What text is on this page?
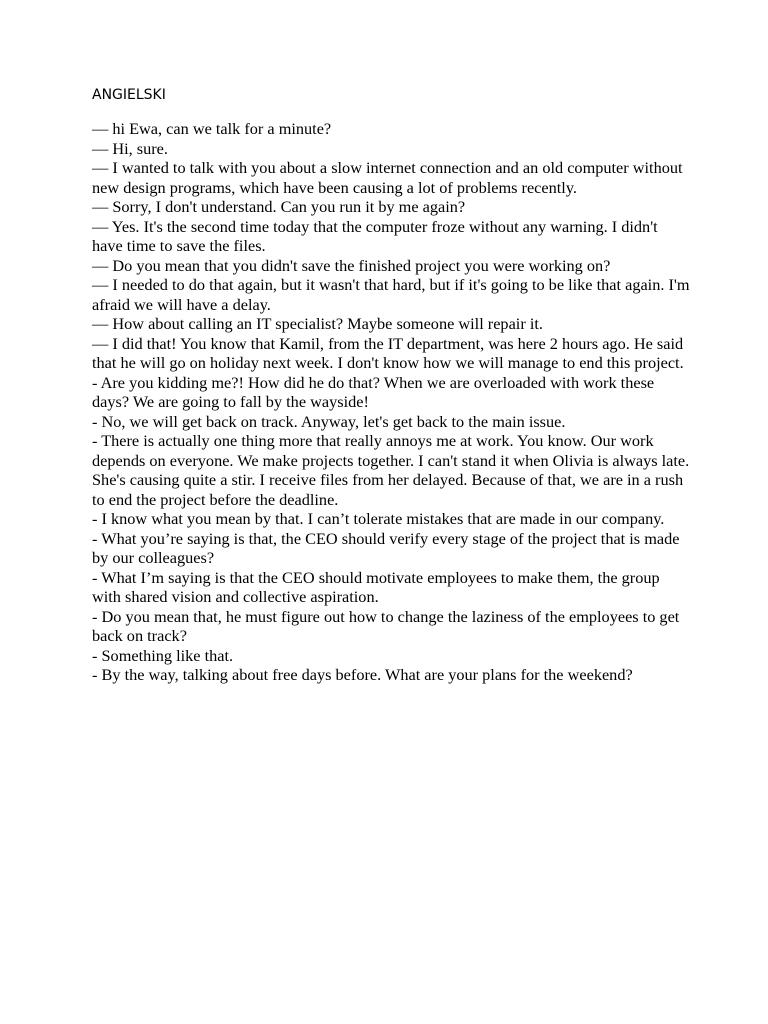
ANGIELSKI
— hi Ewa, can we talk for a minute?
— Hi, sure.
— I wanted to talk with you about a slow internet connection and an old computer without new design programs, which have been causing a lot of problems recently.
— Sorry, I don't understand. Can you run it by me again?
— Yes. It's the second time today that the computer froze without any warning. I didn't have time to save the files.
— Do you mean that you didn't save the finished project you were working on?
— I needed to do that again, but it wasn't that hard, but if it's going to be like that again. I'm afraid we will have a delay.
— How about calling an IT specialist? Maybe someone will repair it.
— I did that! You know that Kamil, from the IT department, was here 2 hours ago. He said that he will go on holiday next week. I don't know how we will manage to end this project.
- Are you kidding me?! How did he do that? When we are overloaded with work these days? We are going to fall by the wayside!
- No, we will get back on track. Anyway, let's get back to the main issue.
- There is actually one thing more that really annoys me at work. You know. Our work depends on everyone. We make projects together. I can't stand it when Olivia is always late. She's causing quite a stir. I receive files from her delayed. Because of that, we are in a rush to end the project before the deadline.
- I know what you mean by that. I can’t tolerate mistakes that are made in our company.
- What you’re saying is that, the CEO should verify every stage of the project that is made by our colleagues?
- What I’m saying is that the CEO should motivate employees to make them, the group with shared vision and collective aspiration.
- Do you mean that, he must figure out how to change the laziness of the employees to get back on track?
- Something like that.
- By the way, talking about free days before. What are your plans for the weekend?
